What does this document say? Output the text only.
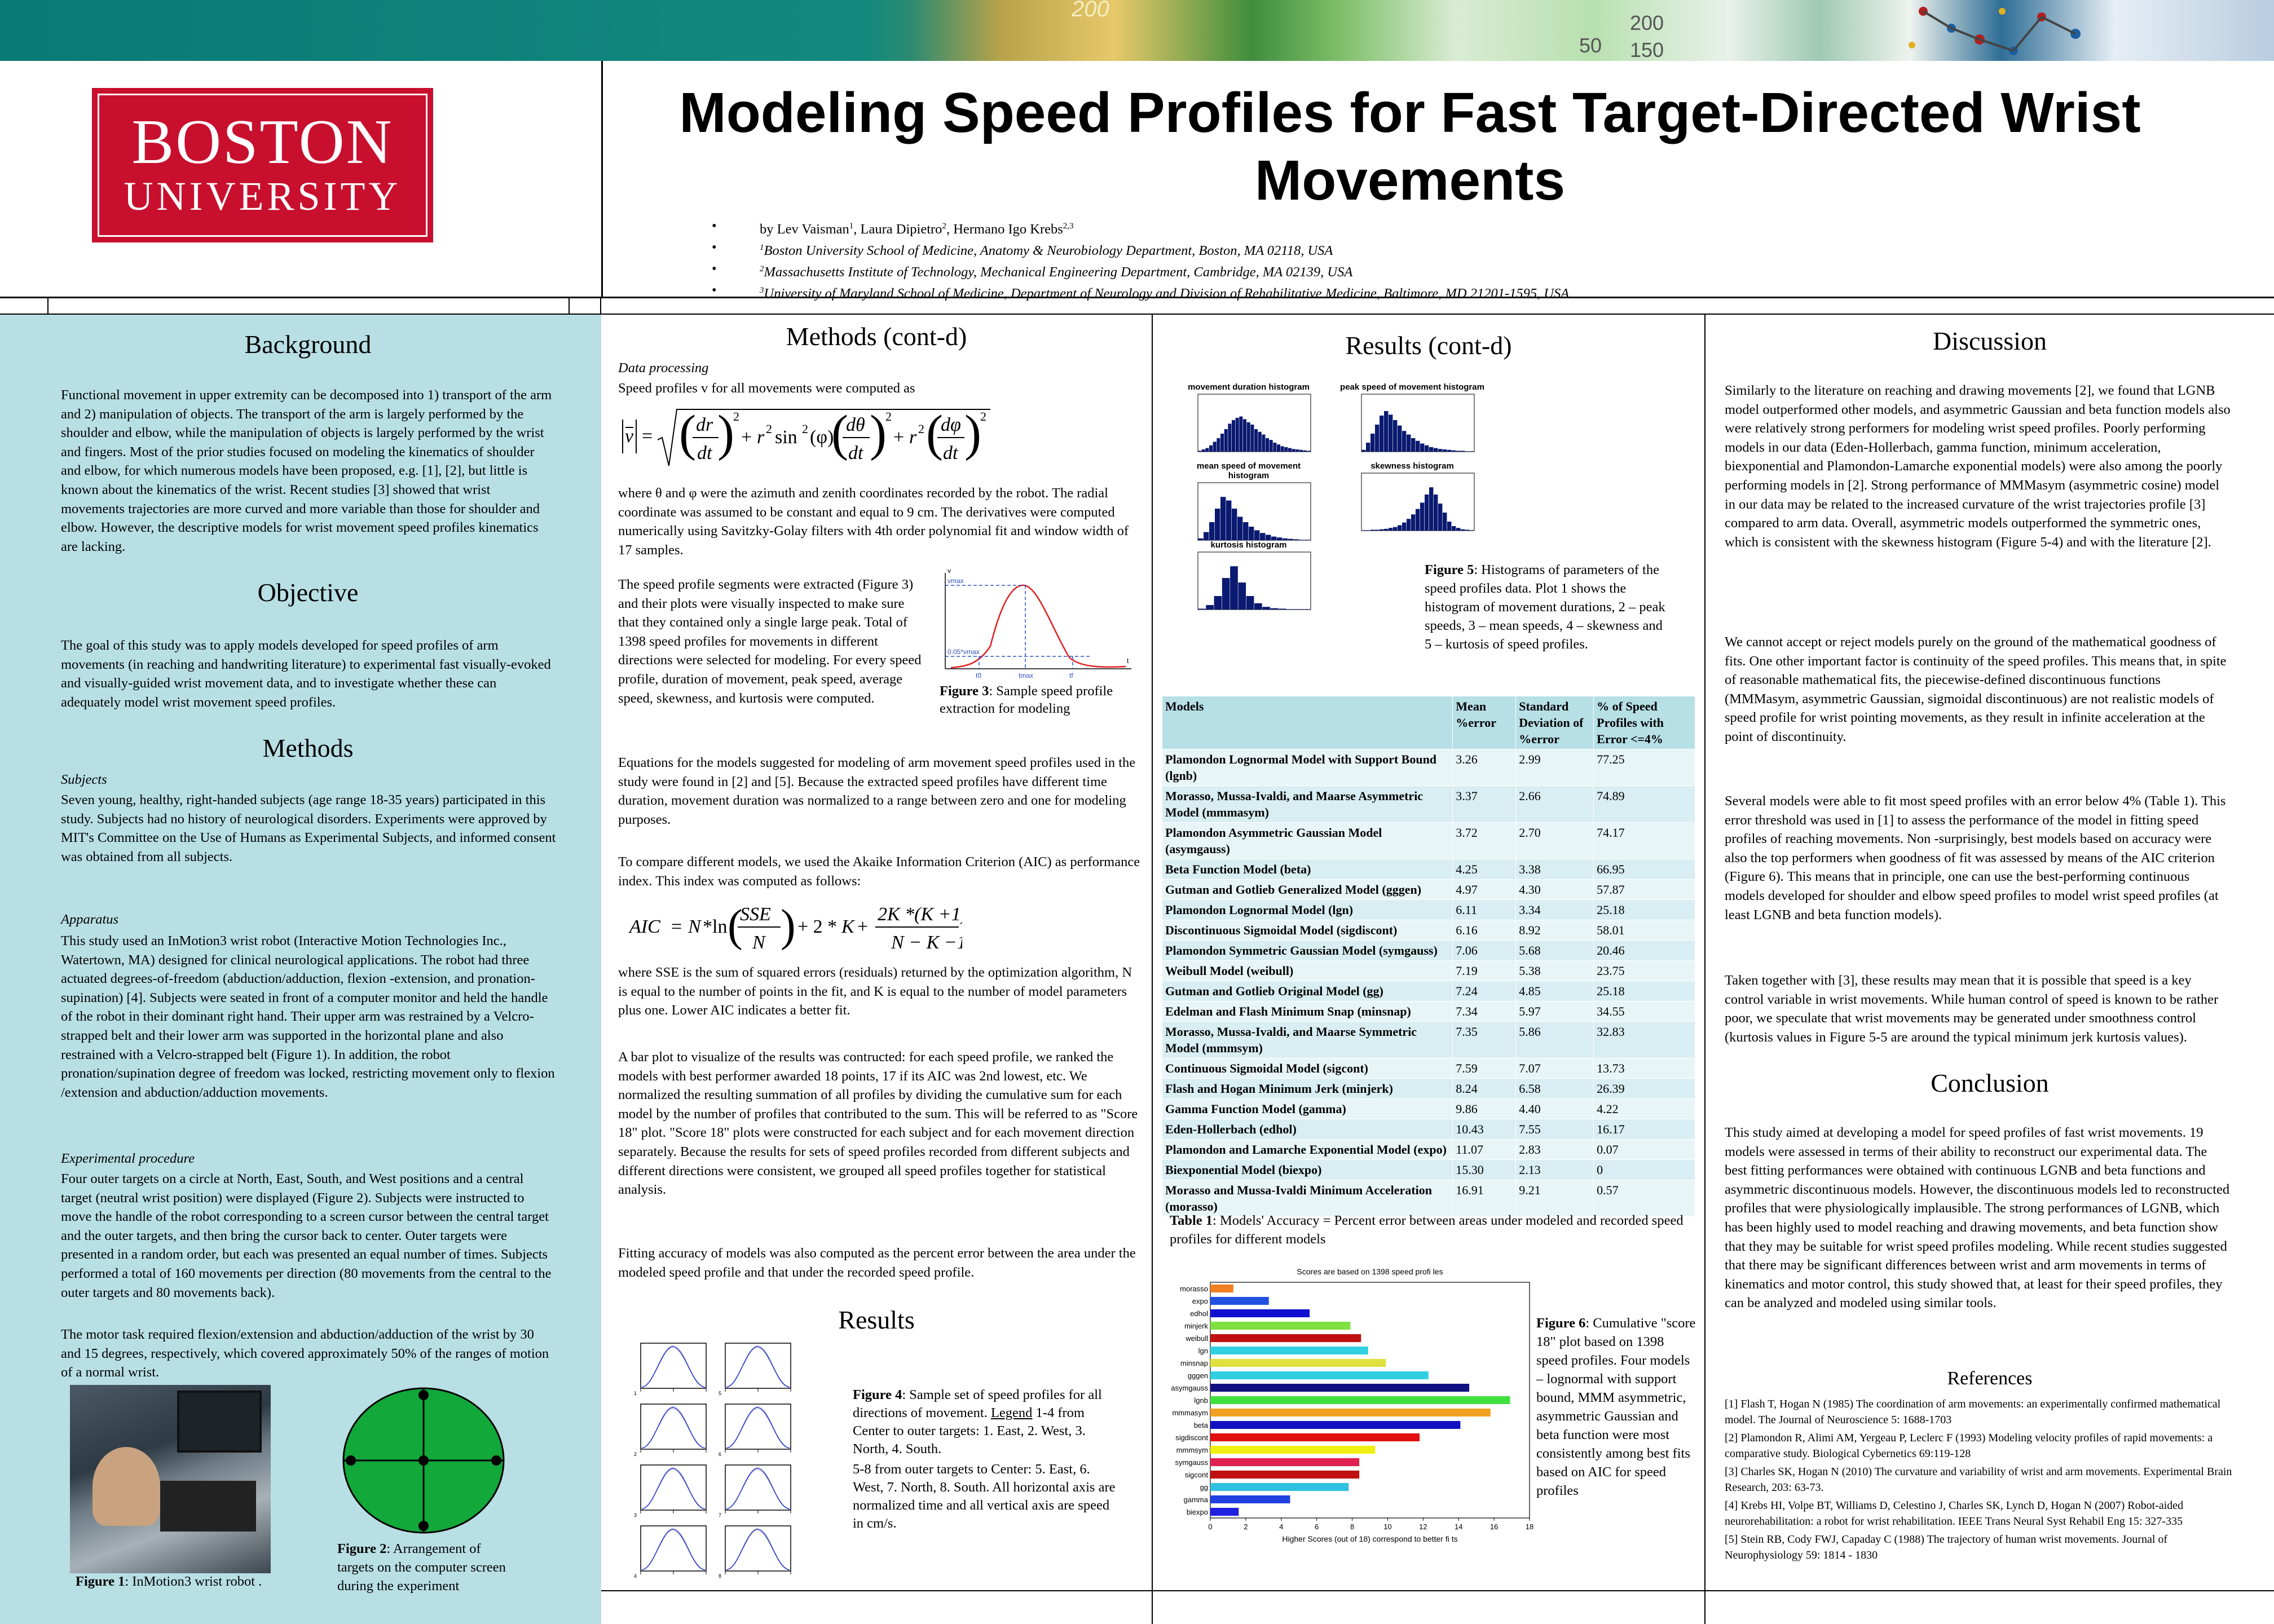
200
200
150
50
BOSTON
UNIVERSITY
Modeling Speed Profiles for Fast Target-Directed Wrist Movements
•	by Lev Vaisman$^1$, Laura Dipietro$^2$, Hermano Igo Krebs$^{2,3}$
•	$^1$Boston University School of Medicine, Anatomy & Neurobiology Department, Boston, MA 02118, USA
•	$^2$Massachusetts Institute of Technology, Mechanical Engineering Department, Cambridge, MA 02139, USA
•	$^3$University of Maryland School of Medicine, Department of Neurology and Division of Rehabilitative Medicine, Baltimore, MD 21201-1595, USA
Background
Functional movement in upper extremity can be decomposed into 1) transport of the arm and 2) manipulation of objects. The transport of the arm is largely performed by the shoulder and elbow, while the manipulation of objects is largely performed by the wrist and fingers. Most of the prior studies focused on modeling the kinematics of shoulder and elbow, for which numerous models have been proposed, e.g. [1], [2], but little is known about the kinematics of the wrist. Recent studies [3] showed that wrist movements trajectories are more curved and more variable than those for shoulder and elbow. However, the descriptive models for wrist movement speed profiles kinematics are lacking.
Objective
The goal of this study was to apply models developed for speed profiles of arm movements (in reaching and handwriting literature) to experimental fast visually-evoked and visually-guided wrist movement data, and to investigate whether these can adequately model wrist movement speed profiles.
Methods
Subjects
Seven young, healthy, right-handed subjects (age range 18-35 years) participated in this study. Subjects had no history of neurological disorders. Experiments were approved by MIT's Committee on the Use of Humans as Experimental Subjects, and informed consent was obtained from all subjects.
Apparatus
This study used an InMotion3 wrist robot (Interactive Motion Technologies Inc., Watertown, MA) designed for clinical neurological applications. The robot had three actuated degrees-of-freedom (abduction/adduction, flexion -extension, and pronation-supination) [4]. Subjects were seated in front of a computer monitor and held the handle of the robot in their dominant right hand. Their upper arm was restrained by a Velcro-strapped belt and their lower arm was supported in the horizontal plane and also restrained with a Velcro-strapped belt (Figure 1). In addition, the robot pronation/supination degree of freedom was locked, restricting movement only to flexion /extension and abduction/adduction movements.
Experimental procedure
Four outer targets on a circle at North, East, South, and West positions and a central target (neutral wrist position) were displayed (Figure 2). Subjects were instructed to move the handle of the robot corresponding to a screen cursor between the central target and the outer targets, and then bring the cursor back to center. Outer targets were presented in a random order, but each was presented an equal number of times. Subjects performed a total of 160 movements per direction (80 movements from the central to the outer targets and 80 movements back).
The motor task required flexion/extension and abduction/adduction of the wrist by 30 and 15 degrees, respectively, which covered approximately 50% of the ranges of motion of a normal wrist.
Figure 1: InMotion3 wrist robot .
Figure 2: Arrangement of targets on the computer screen during the experiment
Methods (cont-d)
Data processing
Speed profiles v for all movements were computed as
v = ( dr
dt )
2
+ r 2 sin 2 (φ)
(
dθ
dt )
2
+ r 2 (
dφ
dt )
2
where θ and φ were the azimuth and zenith coordinates recorded by the robot. The radial coordinate was assumed to be constant and equal to 9 cm. The derivatives were computed numerically using Savitzky-Golay filters with 4th order polynomial fit and window width of 17 samples.
The speed profile segments were extracted (Figure 3) and their plots were visually inspected to make sure that they contained only a single large peak. Total of 1398 speed profiles for movements in different directions were selected for modeling. For every speed profile, duration of movement, peak speed, average speed, skewness, and kurtosis were computed.
v
vmax
0.05*vmax
t0	tmax	tf
t
Figure 3: Sample speed profile extraction for modeling
Equations for the models suggested for modeling of arm movement speed profiles used in the study were found in [2] and [5]. Because the extracted speed profiles have different time duration, movement duration was normalized to a range between zero and one for modeling purposes.
To compare different models, we used the Akaike Information Criterion (AIC) as performance index. This index was computed as follows:
AIC = N *ln (
SSE
N ) + 2 * K +
2K *(K +1)
N − K −1
where SSE is the sum of squared errors (residuals) returned by the optimization algorithm, N is equal to the number of points in the fit, and K is equal to the number of model parameters plus one. Lower AIC indicates a better fit.
A bar plot to visualize of the results was contructed: for each speed profile, we ranked the models with best performer awarded 18 points, 17 if its AIC was 2nd lowest, etc. We normalized the resulting summation of all profiles by dividing the cumulative sum for each model by the number of profiles that contributed to the sum. This will be referred to as "Score 18" plot. "Score 18" plots were constructed for each subject and for each movement direction separately. Because the results for sets of speed profiles recorded from different subjects and different directions were consistent, we grouped all speed profiles together for statistical analysis.
Fitting accuracy of models was also computed as the percent error between the area under the modeled speed profile and that under the recorded speed profile.
Results
1	5
2	6
3	7
4	8
Figure 4: Sample set of speed profiles for all directions of movement. Legend 1-4 from Center to outer targets: 1. East, 2. West, 3. North, 4. South.
5-8 from outer targets to Center: 5. East, 6. West, 7. North, 8. South. All horizontal axis are normalized time and all vertical axis are speed in cm/s.
Results (cont-d)
movement duration histogram	peak speed of movement histogram
mean speed of movement histogram
skewness histogram
kurtosis histogram
Figure 5: Histograms of parameters of the speed profiles data. Plot 1 shows the histogram of movement durations, 2 – peak speeds, 3 – mean speeds, 4 – skewness and 5 – kurtosis of speed profiles.
Models	Mean %error	Standard Deviation of %error	% of Speed Profiles with Error <=4%
Plamondon Lognormal Model with Support Bound (lgnb)	3.26	2.99	77.25
Morasso, Mussa-Ivaldi, and Maarse Asymmetric Model (mmmasym)	3.37	2.66	74.89
Plamondon Asymmetric Gaussian Model (asymgauss)	3.72	2.70	74.17
Beta Function Model (beta)	4.25	3.38	66.95
Gutman and Gotlieb Generalized Model (gggen)	4.97	4.30	57.87
Plamondon Lognormal Model (lgn)	6.11	3.34	25.18
Discontinuous Sigmoidal Model (sigdiscont)	6.16	8.92	58.01
Plamondon Symmetric Gaussian Model (symgauss)	7.06	5.68	20.46
Weibull Model (weibull)	7.19	5.38	23.75
Gutman and Gotlieb Original Model (gg)	7.24	4.85	25.18
Edelman and Flash Minimum Snap (minsnap)	7.34	5.97	34.55
Morasso, Mussa-Ivaldi, and Maarse Symmetric Model (mmmsym)	7.35	5.86	32.83
Continuous Sigmoidal Model (sigcont)	7.59	7.07	13.73
Flash and Hogan Minimum Jerk (minjerk)	8.24	6.58	26.39
Gamma Function Model (gamma)	9.86	4.40	4.22
Eden-Hollerbach (edhol)	10.43	7.55	16.17
Plamondon and Lamarche Exponential Model (expo)	11.07	2.83	0.07
Biexponential Model (biexpo)	15.30	2.13	0
Morasso and Mussa-Ivaldi Minimum Acceleration (morasso)	16.91	9.21	0.57
Table 1: Models' Accuracy = Percent error between areas under modeled and recorded speed profiles for different models
Scores are based on 1398 speed profi les
morasso
expo
edhol
minjerk
weibull
lgn
minsnap
gggen
asymgauss
lgnb
mmmasym
beta
sigdiscont
mmmsym
symgauss
sigcont
gg
gamma
biexpo
0	2	4	6	8	10	12	14	16	18
Higher Scores (out of 18) correspond to better fi ts
Figure 6: Cumulative "score 18" plot based on 1398 speed profiles. Four models – lognormal with support bound, MMM asymmetric, asymmetric Gaussian and beta function were most consistently among best fits based on AIC for speed profiles
Discussion
Similarly to the literature on reaching and drawing movements [2], we found that LGNB model outperformed other models, and asymmetric Gaussian and beta function models also were relatively strong performers for modeling wrist speed profiles. Poorly performing models in our data (Eden-Hollerbach, gamma function, minimum acceleration, biexponential and Plamondon-Lamarche exponential models) were also among the poorly performing models in [2]. Strong performance of MMMasym (asymmetric cosine) model in our data may be related to the increased curvature of the wrist trajectories profile [3] compared to arm data. Overall, asymmetric models outperformed the symmetric ones, which is consistent with the skewness histogram (Figure 5-4) and with the literature [2].
We cannot accept or reject models purely on the ground of the mathematical goodness of fits. One other important factor is continuity of the speed profiles. This means that, in spite of reasonable mathematical fits, the piecewise-defined discontinuous functions (MMMasym, asymmetric Gaussian, sigmoidal discontinuous) are not realistic models of speed profile for wrist pointing movements, as they result in infinite acceleration at the point of discontinuity.
Several models were able to fit most speed profiles with an error below 4% (Table 1). This error threshold was used in [1] to assess the performance of the model in fitting speed profiles of reaching movements. Non -surprisingly, best models based on accuracy were also the top performers when goodness of fit was assessed by means of the AIC criterion (Figure 6). This means that in principle, one can use the best-performing continuous models developed for shoulder and elbow speed profiles to model wrist speed profiles (at least LGNB and beta function models).
Taken together with [3], these results may mean that it is possible that speed is a key control variable in wrist movements. While human control of speed is known to be rather poor, we speculate that wrist movements may be generated under smoothness control (kurtosis values in Figure 5-5 are around the typical minimum jerk kurtosis values).
Conclusion
This study aimed at developing a model for speed profiles of fast wrist movements. 19 models were assessed in terms of their ability to reconstruct our experimental data. The best fitting performances were obtained with continuous LGNB and beta functions and asymmetric discontinuous models. However, the discontinuous models led to reconstructed profiles that were physiologically implausible. The strong performances of LGNB, which has been highly used to model reaching and drawing movements, and beta function show that they may be suitable for wrist speed profiles modeling. While recent studies suggested that there may be significant differences between wrist and arm movements in terms of kinematics and motor control, this study showed that, at least for their speed profiles, they can be analyzed and modeled using similar tools.
References
[1] Flash T, Hogan N (1985) The coordination of arm movements: an experimentally confirmed mathematical model. The Journal of Neuroscience 5: 1688-1703
[2] Plamondon R, Alimi AM, Yergeau P, Leclerc F (1993) Modeling velocity profiles of rapid movements: a comparative study. Biological Cybernetics 69:119-128
[3] Charles SK, Hogan N (2010) The curvature and variability of wrist and arm movements. Experimental Brain Research, 203: 63-73.
[4] Krebs HI, Volpe BT, Williams D, Celestino J, Charles SK, Lynch D, Hogan N (2007) Robot-aided neurorehabilitation: a robot for wrist rehabilitation. IEEE Trans Neural Syst Rehabil Eng 15: 327-335
[5] Stein RB, Cody FWJ, Capaday C (1988) The trajectory of human wrist movements. Journal of Neurophysiology 59: 1814 - 1830
